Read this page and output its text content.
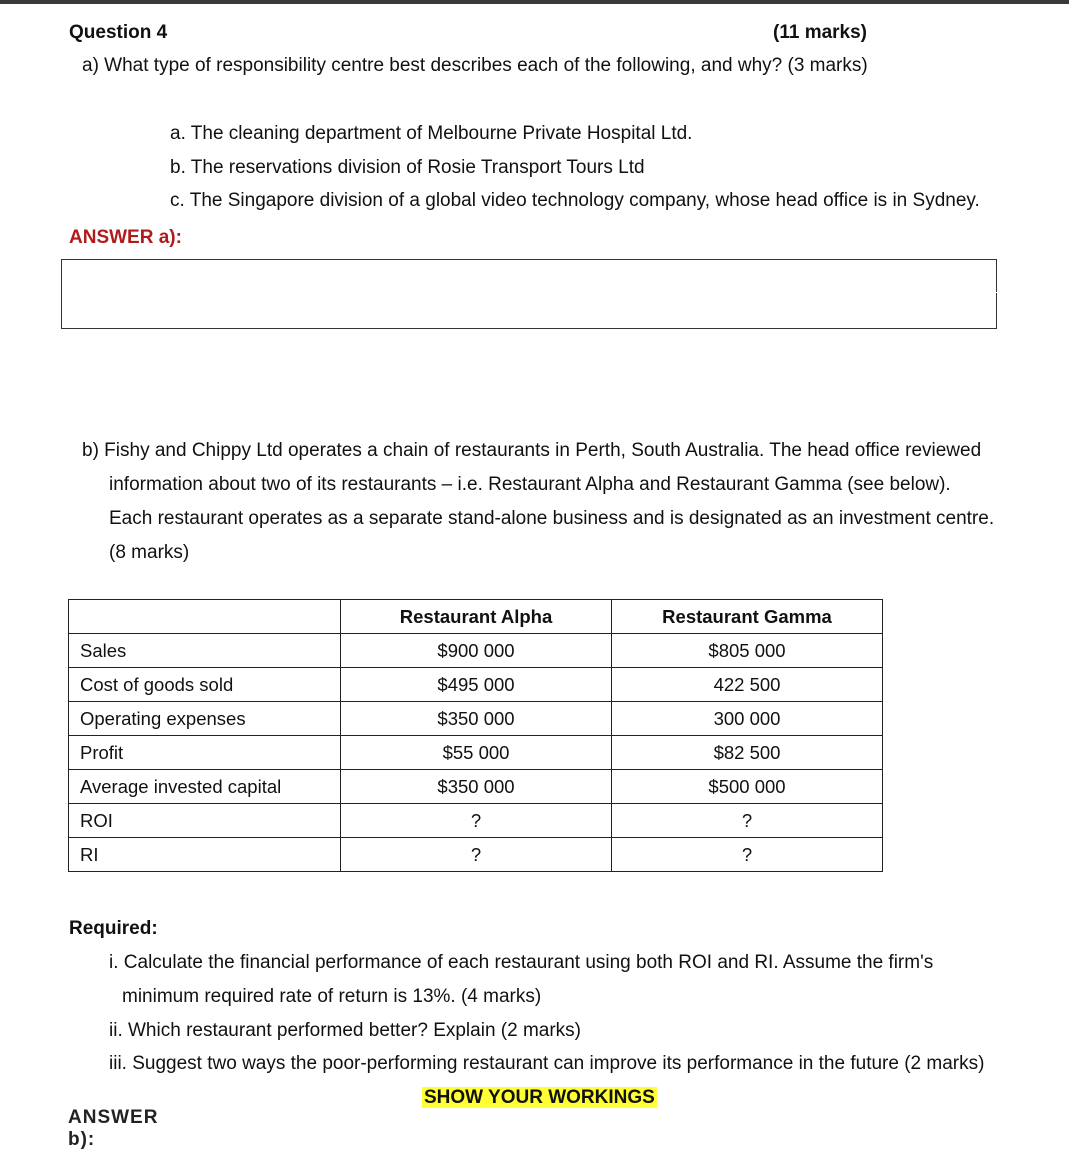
Question 4	(11 marks)
a) What type of responsibility centre best describes each of the following, and why? (3 marks)
a. The cleaning department of Melbourne Private Hospital Ltd.
b. The reservations division of Rosie Transport Tours Ltd
c. The Singapore division of a global video technology company, whose head office is in Sydney.
ANSWER a):
b) Fishy and Chippy Ltd operates a chain of restaurants in Perth, South Australia. The head office reviewed information about two of its restaurants – i.e. Restaurant Alpha and Restaurant Gamma (see below). Each restaurant operates as a separate stand-alone business and is designated as an investment centre. (8 marks)
	Restaurant Alpha	Restaurant Gamma
Sales	$900 000	$805 000
Cost of goods sold	$495 000	422 500
Operating expenses	$350 000	300 000
Profit	$55 000	$82 500
Average invested capital	$350 000	$500 000
ROI	?	?
RI	?	?
Required:
i. Calculate the financial performance of each restaurant using both ROI and RI. Assume the firm's
minimum required rate of return is 13%. (4 marks)
ii. Which restaurant performed better? Explain (2 marks)
iii. Suggest two ways the poor-performing restaurant can improve its performance in the future (2 marks)
SHOW YOUR WORKINGS
ANSWER b):
